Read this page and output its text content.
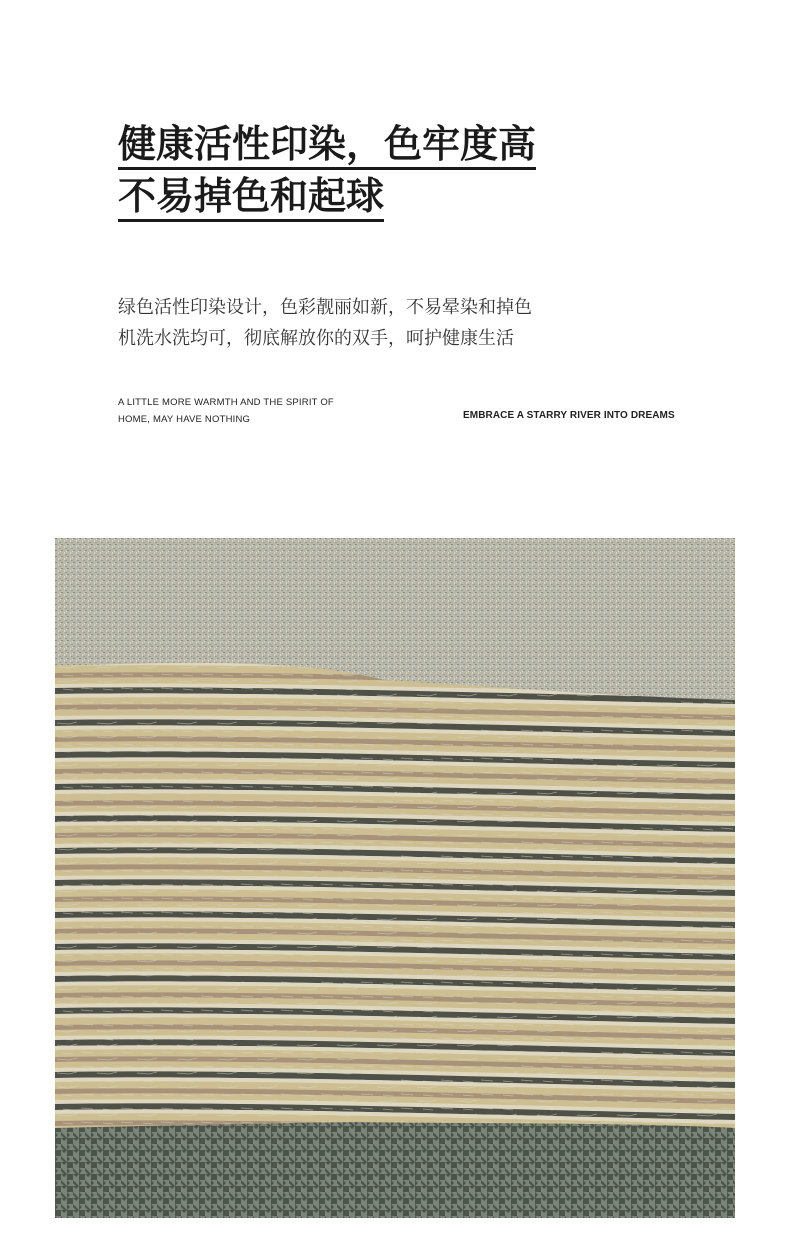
健康活性印染，色牢度高
不易掉色和起球
绿色活性印染设计，色彩靓丽如新，不易晕染和掉色
机洗水洗均可，彻底解放你的双手，呵护健康生活
A LITTLE MORE WARMTH AND THE SPIRIT OF
HOME, MAY HAVE NOTHING	EMBRACE A STARRY RIVER INTO DREAMS
